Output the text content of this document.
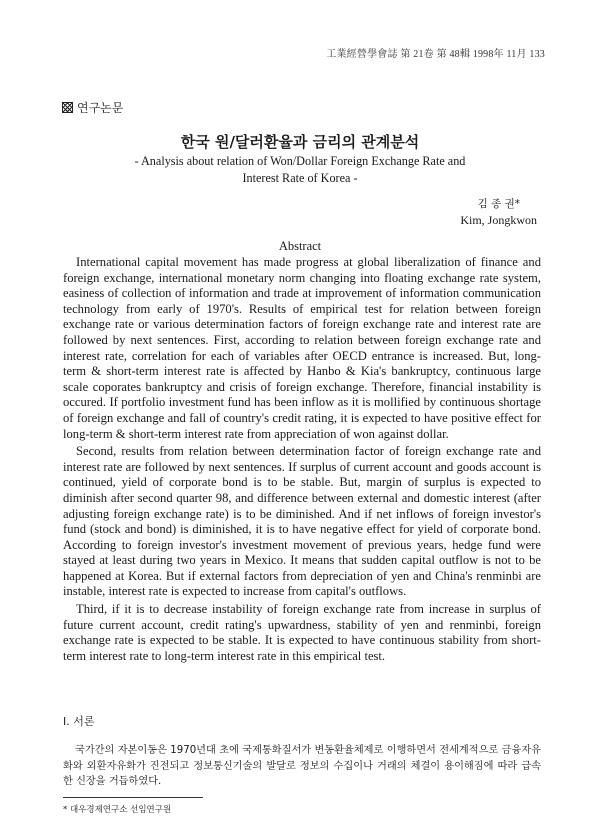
工業經營學會誌 第 21卷 第 48輯 1998年 11月 133
연구논문
한국 원/달러환율과 금리의 관계분석
- Analysis about relation of Won/Dollar Foreign Exchange Rate and
Interest Rate of Korea -
김 종 권*
Kim, Jongkwon
Abstract

International capital movement has made progress at global liberalization of finance and foreign exchange, international monetary norm changing into floating exchange rate system, easiness of collection of information and trade at improvement of information communication technology from early of 1970's. Results of empirical test for relation between foreign exchange rate or various determination factors of foreign exchange rate and interest rate are followed by next sentences. First, according to relation between foreign exchange rate and interest rate, correlation for each of variables after OECD entrance is increased. But, long-term & short-term interest rate is affected by Hanbo & Kia's bankruptcy, continuous large scale coporates bankruptcy and crisis of foreign exchange. Therefore, financial instability is occured. If portfolio investment fund has been inflow as it is mollified by continuous shortage of foreign exchange and fall of country's credit rating, it is expected to have positive effect for long-term & short-term interest rate from appreciation of won against dollar.

Second, results from relation between determination factor of foreign exchange rate and interest rate are followed by next sentences. If surplus of current account and goods account is continued, yield of corporate bond is to be stable. But, margin of surplus is expected to diminish after second quarter 98, and difference between external and domestic interest (after adjusting foreign exchange rate) is to be diminished. And if net inflows of foreign investor's fund (stock and bond) is diminished, it is to have negative effect for yield of corporate bond. According to foreign investor's investment movement of previous years, hedge fund were stayed at least during two years in Mexico. It means that sudden capital outflow is not to be happened at Korea. But if external factors from depreciation of yen and China's renminbi are instable, interest rate is expected to increase from capital's outflows.

Third, if it is to decrease instability of foreign exchange rate from increase in surplus of future current account, credit rating's upwardness, stability of yen and renminbi, foreign exchange rate is expected to be stable. It is expected to have continuous stability from short-term interest rate to long-term interest rate in this empirical test.

I. 서론

국가간의 자본이동은 1970년대 초에 국제통화질서가 변동환율체제로 이행하면서 전세계적으로 금융자유화와 외환자유화가 진전되고 정보통신기술의 발달로 정보의 수집이나 거래의 체결이 용이해짐에 따라 급속한 신장을 거듭하였다.

* 대우경제연구소 선임연구원
